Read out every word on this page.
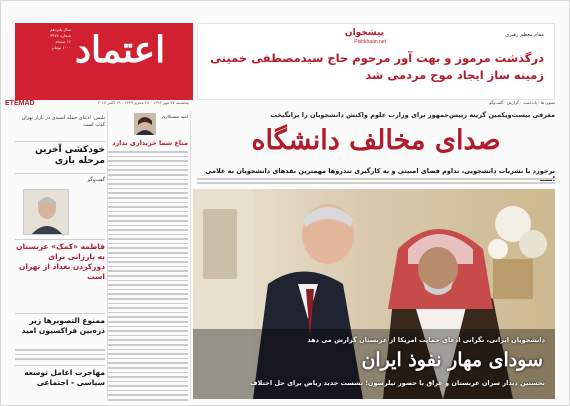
سال پانزدهم
شماره ۳۹۷۷
۱۶ صفحه
۱۰۰۰ تومان اعتماد
ETEMAD	پنجشنبه ۲۷ مهر ۱۳۹۶ · ۲۸ محرم ۱۴۳۹ · ۱۹ اکتبر ۲۰۱۷
پیشخوان
Pishkhaan.net
مقام معظم رهبری
درگذشت مرموز و بهت آور مرحوم حاج سیدمصطفی خمینی زمینه ساز ایجاد موج مردمی شد
ستون ها · یادداشت · گزارش · گفت‌وگو
معرفی بیست‌ویکمین گزینه رییس‌جمهور برای وزارت علوم واکنش دانشجویان را برانگیخت
صدای مخالف دانشگاه
برخورد با نشریات دانشجویی، تداوم فضای امنیتی و به کارگیری تندروها مهمترین نقدهای دانشجویان به غلامی
دانشجویان ایرانی، نگرانی ادعای حمایت امریکا از عربستان گزارش می دهد
سودای مهار نفوذ ایران
نخستین دیدار سران عربستان و عراق با حضور تیلرسون؛ نشست جدید ریاض برای حل اختلاف
امید مستکاری
متاع شما خریداری ندارد
پلیس: ادعای حمله اسیدی در بازار تهران کذب است
خودکشی آخرین مرحله بازی
گفت‌وگو
فاطمه «کمک» عربستان به بارزانی برای دورکردن بغداد از تهران است
ممنوع التصویرها زیر ذره‌بین فراکسیون امید
مهاجرت اعامل توسعه سیاسی - اجتماعی
